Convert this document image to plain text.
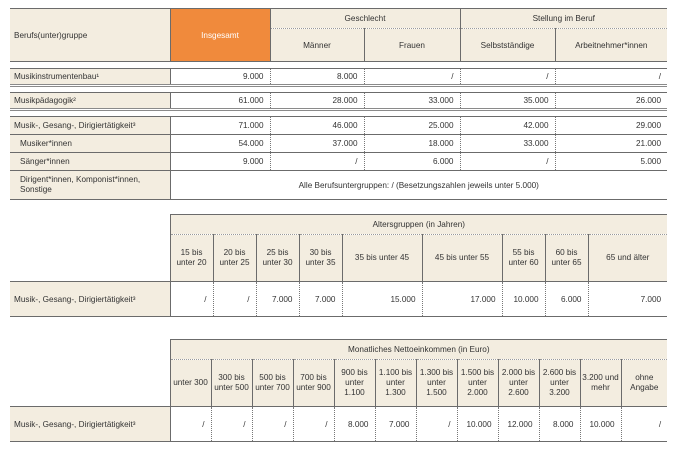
Berufs(unter)gruppe	Insgesamt	Geschlecht		Stellung im Beruf	
		Männer	Frauen	Selbstständige	Arbeitnehmer*innen

Musikinstrumentenbau¹	9.000	8.000	/	/	/

Musikpädagogik²	61.000	28.000	33.000	35.000	26.000

Musik-, Gesang-, Dirigiertätigkeit³	71.000	46.000	25.000	42.000	29.000
Musiker*innen	54.000	37.000	18.000	33.000	21.000
Sänger*innen	9.000	/	6.000	/	5.000
Dirigent*innen, Komponist*innen, Sonstige	Alle Berufsuntergruppen: / (Besetzungszahlen jeweils unter 5.000)				
	Altersgruppen (in Jahren)								
	15 bis unter 20	20 bis unter 25	25 bis unter 30	30 bis unter 35	35 bis unter 45	45 bis unter 55	55 bis unter 60	60 bis unter 65	65 und älter
Musik-, Gesang-, Dirigiertätigkeit³	/	/	7.000	7.000	15.000	17.000	10.000	6.000	7.000
	Monatliches Nettoeinkommen (in Euro)											
	unter 300	300 bis unter 500	500 bis unter 700	700 bis unter 900	900 bis unter 1.100	1.100 bis unter 1.300	1.300 bis unter 1.500	1.500 bis unter 2.000	2.000 bis unter 2.600	2.600 bis unter 3.200	3.200 und mehr	ohne Angabe
Musik-, Gesang-, Dirigiertätigkeit³	/	/	/	/	8.000	7.000	/	10.000	12.000	8.000	10.000	/
